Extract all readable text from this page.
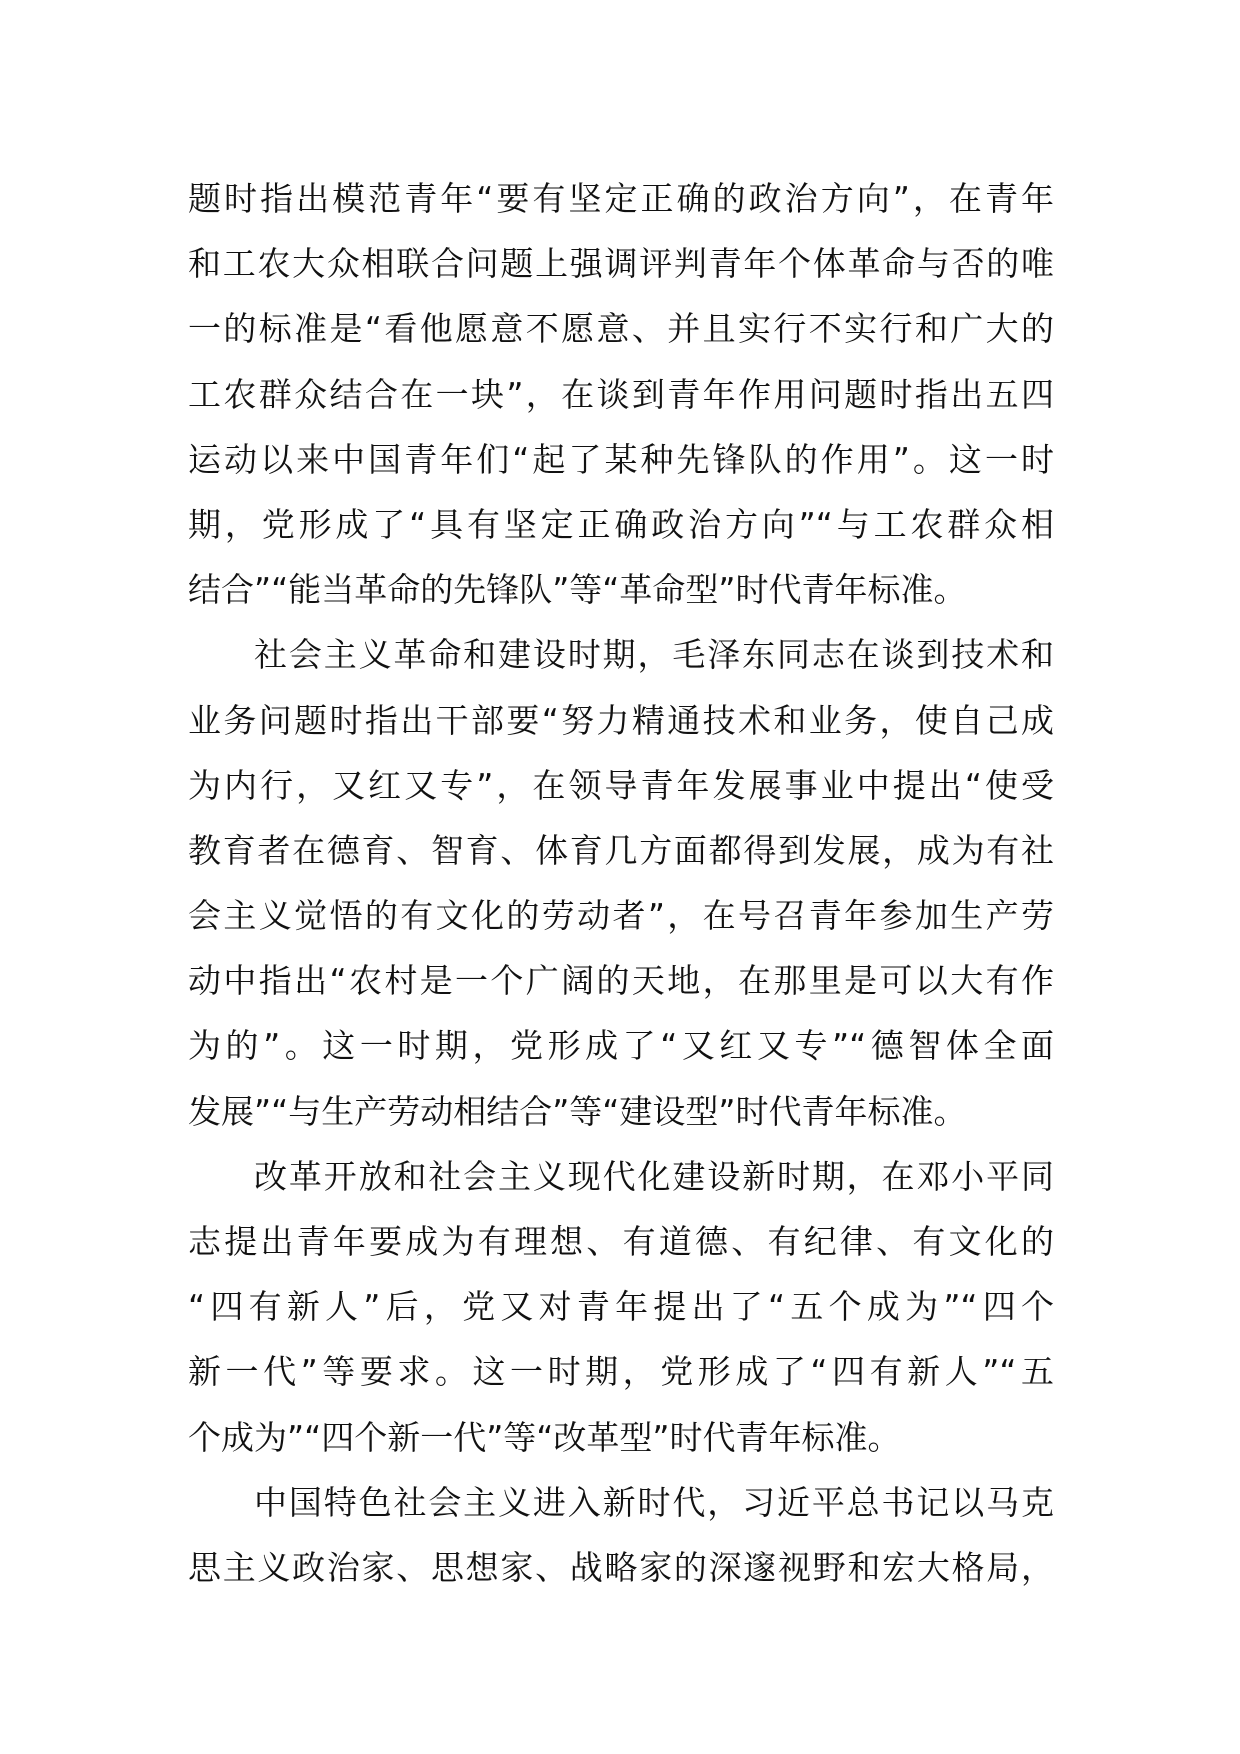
题时指出模范青年“要有坚定正确的政治方向”，在青年
和工农大众相联合问题上强调评判青年个体革命与否的唯
一的标准是“看他愿意不愿意、并且实行不实行和广大的
工农群众结合在一块”，在谈到青年作用问题时指出五四
运动以来中国青年们“起了某种先锋队的作用”。这一时
期，党形成了“具有坚定正确政治方向”“与工农群众相
结合”“能当革命的先锋队”等“革命型”时代青年标准。
社会主义革命和建设时期，毛泽东同志在谈到技术和
业务问题时指出干部要“努力精通技术和业务，使自己成
为内行，又红又专”，在领导青年发展事业中提出“使受
教育者在德育、智育、体育几方面都得到发展，成为有社
会主义觉悟的有文化的劳动者”，在号召青年参加生产劳
动中指出“农村是一个广阔的天地，在那里是可以大有作
为的”。这一时期，党形成了“又红又专”“德智体全面
发展”“与生产劳动相结合”等“建设型”时代青年标准。
改革开放和社会主义现代化建设新时期，在邓小平同
志提出青年要成为有理想、有道德、有纪律、有文化的
“四有新人”后，党又对青年提出了“五个成为”“四个
新一代”等要求。这一时期，党形成了“四有新人”“五
个成为”“四个新一代”等“改革型”时代青年标准。
中国特色社会主义进入新时代，习近平总书记以马克
思主义政治家、思想家、战略家的深邃视野和宏大格局，
